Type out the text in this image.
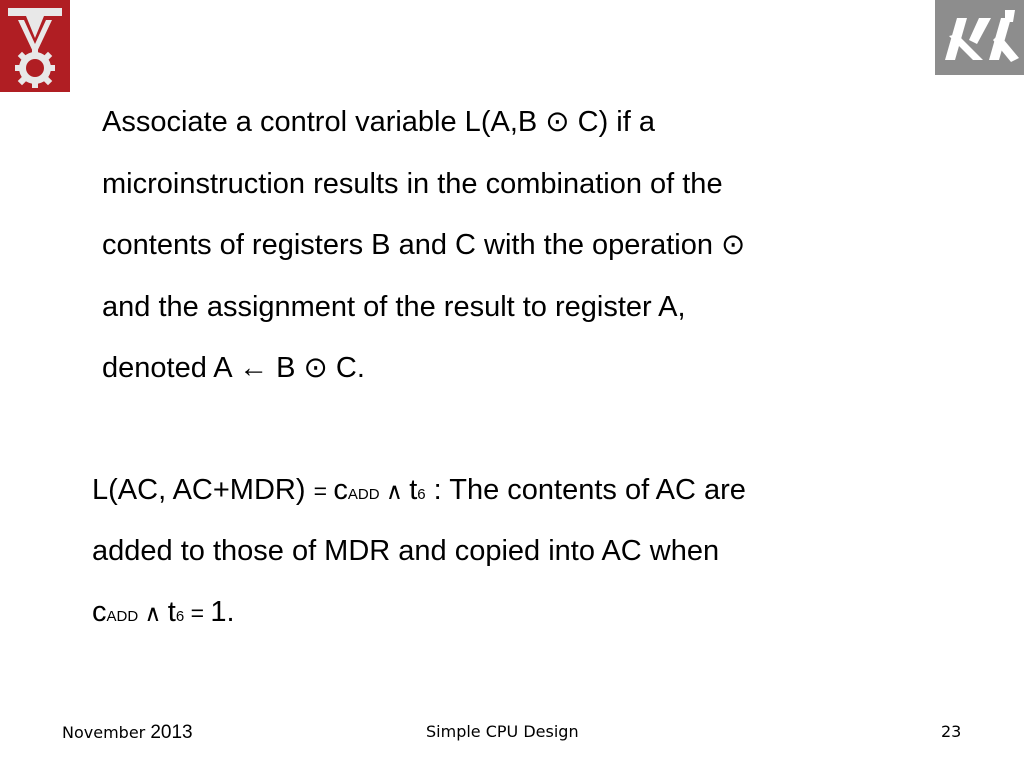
Associate a control variable L(A,B ⊙ C) if a
microinstruction results in the combination of the
contents of registers B and C with the operation ⊙
and the assignment of the result to register A,
denoted A ← B ⊙ C.
L(AC, AC+MDR) = cADD ∧ t6 : The contents of AC are
added to those of MDR and copied into AC when
cADD ∧ t6 = 1.
November 2013	Simple CPU Design	23
